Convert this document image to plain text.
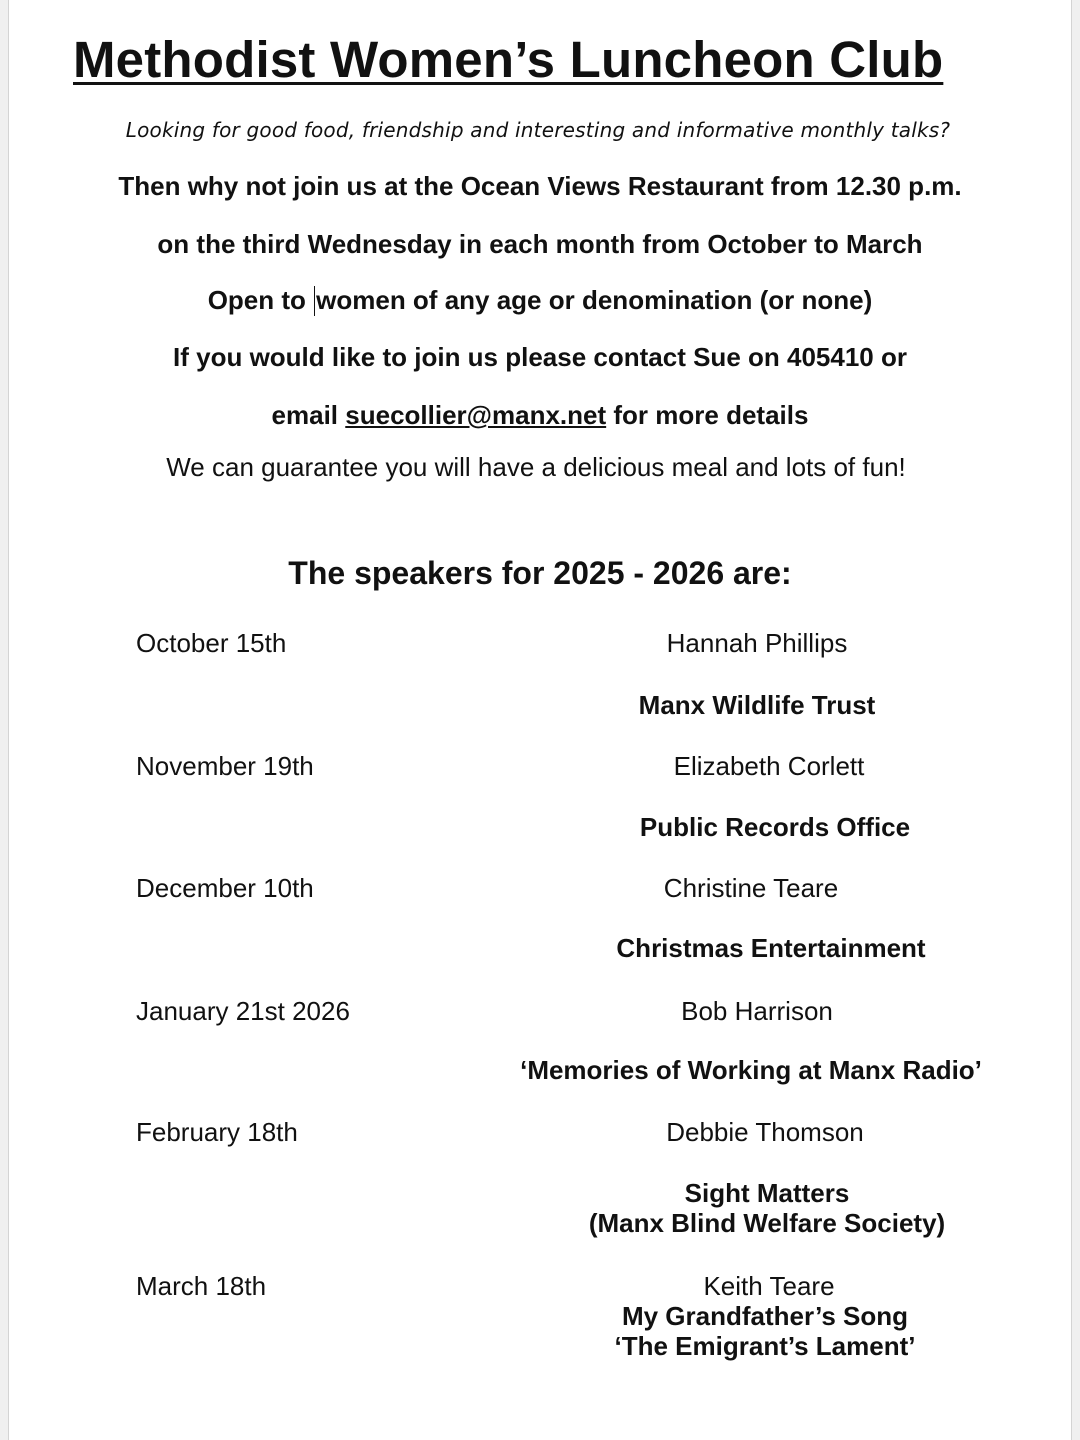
Methodist Women’s Luncheon Club

Looking for good food, friendship and interesting and informative monthly talks?

Then why not join us at the Ocean Views Restaurant from 12.30 p.m.

on the third Wednesday in each month from October to March

Open to women of any age or denomination (or none)

If you would like to join us please contact Sue on 405410 or

email suecollier@manx.net for more details

We can guarantee you will have a delicious meal and lots of fun!

The speakers for 2025 - 2026 are:

October 15th	Hannah Phillips

Manx Wildlife Trust

November 19th	Elizabeth Corlett

Public Records Office

December 10th	Christine Teare

Christmas Entertainment

January 21st 2026	Bob Harrison

‘Memories of Working at Manx Radio’

February 18th	Debbie Thomson

Sight Matters

(Manx Blind Welfare Society)

March 18th	Keith Teare

My Grandfather’s Song

‘The Emigrant’s Lament’
